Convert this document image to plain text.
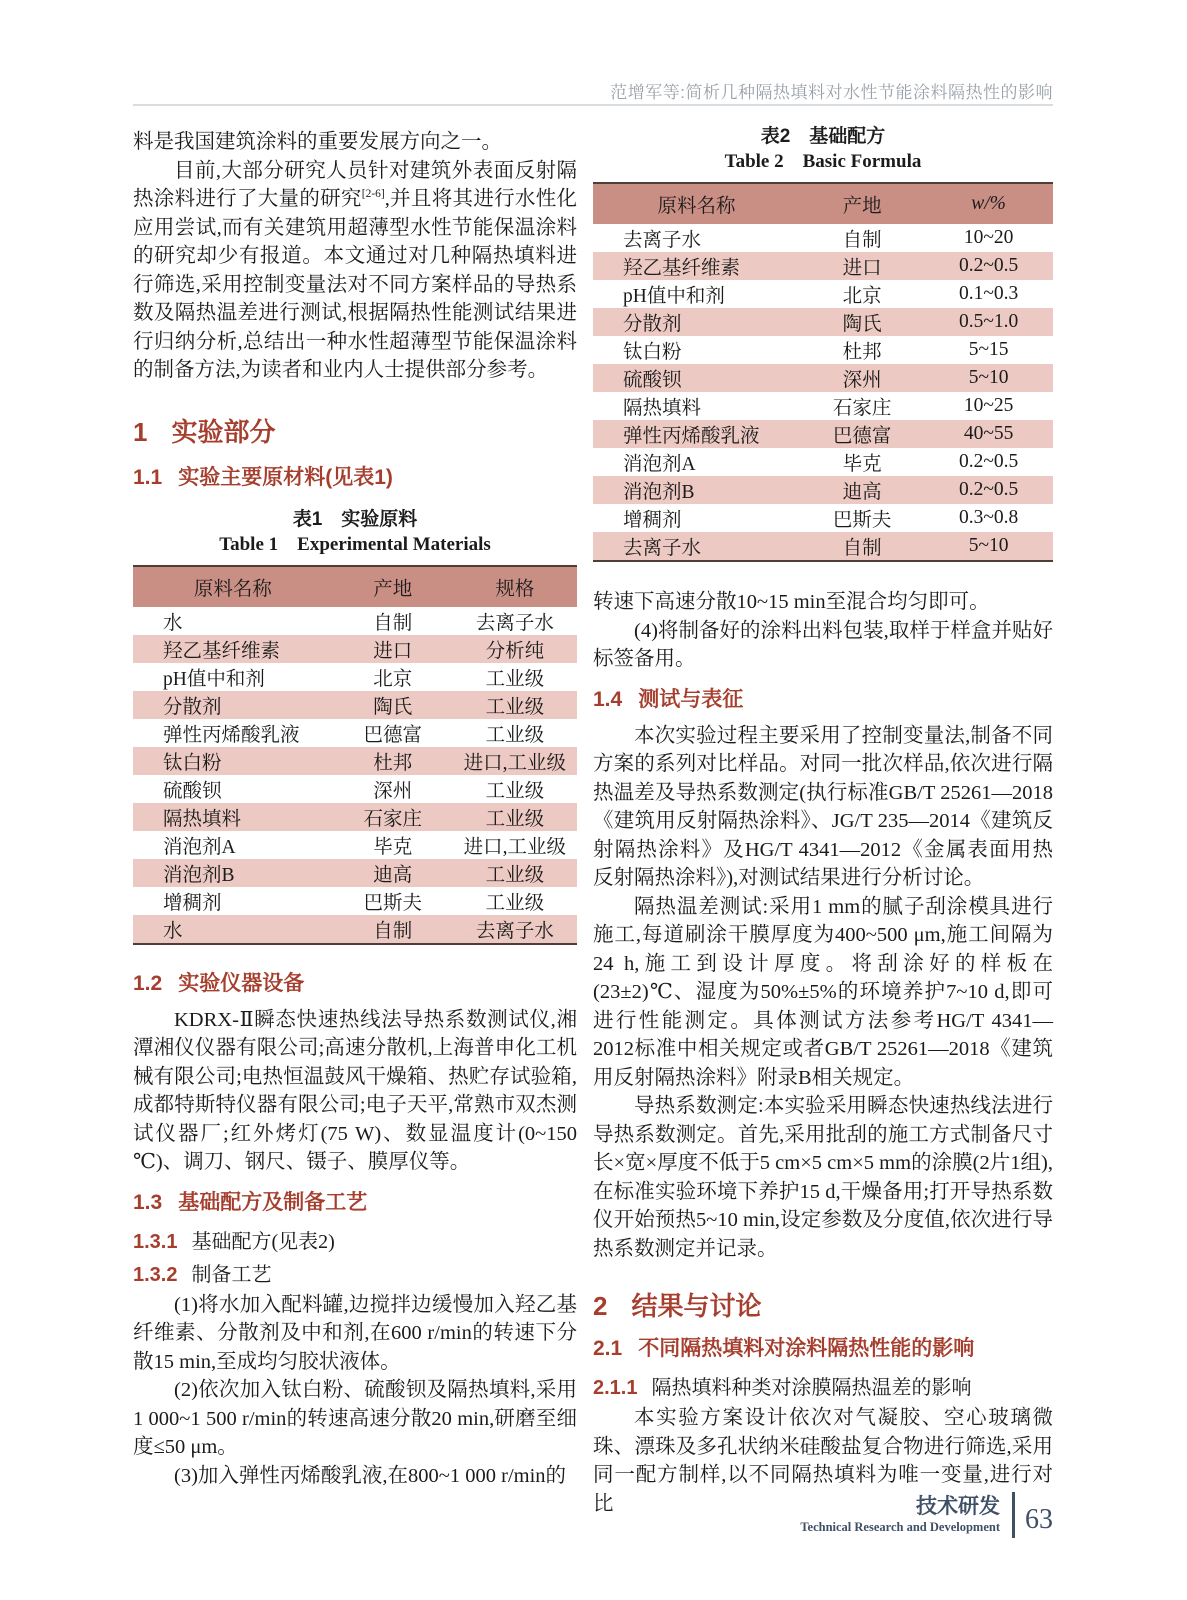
范增军等:简析几种隔热填料对水性节能涂料隔热性的影响

料是我国建筑涂料的重要发展方向之一。

目前,大部分研究人员针对建筑外表面反射隔热涂料进行了大量的研究[2-6],并且将其进行水性化应用尝试,而有关建筑用超薄型水性节能保温涂料的研究却少有报道。本文通过对几种隔热填料进行筛选,采用控制变量法对不同方案样品的导热系数及隔热温差进行测试,根据隔热性能测试结果进行归纳分析,总结出一种水性超薄型节能保温涂料的制备方法,为读者和业内人士提供部分参考。

1 实验部分
1.1 实验主要原材料(见表1)
表1 实验原料
Table 1 Experimental Materials
原料名称	产地	规格
水	自制	去离子水
羟乙基纤维素	进口	分析纯
pH值中和剂	北京	工业级
分散剂	陶氏	工业级
弹性丙烯酸乳液	巴德富	工业级
钛白粉	杜邦	进口,工业级
硫酸钡	深州	工业级
隔热填料	石家庄	工业级
消泡剂A	毕克	进口,工业级
消泡剂B	迪高	工业级
增稠剂	巴斯夫	工业级
水	自制	去离子水
1.2 实验仪器设备

KDRX-Ⅱ瞬态快速热线法导热系数测试仪,湘潭湘仪仪器有限公司;高速分散机,上海普申化工机械有限公司;电热恒温鼓风干燥箱、热贮存试验箱,成都特斯特仪器有限公司;电子天平,常熟市双杰测试仪器厂;红外烤灯(75 W)、数显温度计(0~150 ℃)、调刀、钢尺、镊子、膜厚仪等。

1.3 基础配方及制备工艺
1.3.1 基础配方(见表2)
1.3.2 制备工艺

(1)将水加入配料罐,边搅拌边缓慢加入羟乙基纤维素、分散剂及中和剂,在600 r/min的转速下分散15 min,至成均匀胶状液体。

(2)依次加入钛白粉、硫酸钡及隔热填料,采用1 000~1 500 r/min的转速高速分散20 min,研磨至细度≤50 μm。

(3)加入弹性丙烯酸乳液,在800~1 000 r/min的

表2 基础配方
Table 2 Basic Formula
原料名称	产地	w/%
去离子水	自制	10~20
羟乙基纤维素	进口	0.2~0.5
pH值中和剂	北京	0.1~0.3
分散剂	陶氏	0.5~1.0
钛白粉	杜邦	5~15
硫酸钡	深州	5~10
隔热填料	石家庄	10~25
弹性丙烯酸乳液	巴德富	40~55
消泡剂A	毕克	0.2~0.5
消泡剂B	迪高	0.2~0.5
增稠剂	巴斯夫	0.3~0.8
去离子水	自制	5~10

转速下高速分散10~15 min至混合均匀即可。

(4)将制备好的涂料出料包装,取样于样盒并贴好标签备用。

1.4 测试与表征

本次实验过程主要采用了控制变量法,制备不同方案的系列对比样品。对同一批次样品,依次进行隔热温差及导热系数测定(执行标准GB/T 25261—2018《建筑用反射隔热涂料》、JG/T 235—2014《建筑反射隔热涂料》及HG/T 4341—2012《金属表面用热反射隔热涂料》),对测试结果进行分析讨论。

隔热温差测试:采用1 mm的腻子刮涂模具进行施工,每道刷涂干膜厚度为400~500 μm,施工间隔为24 h,施工到设计厚度。将刮涂好的样板在(23±2)℃、湿度为50%±5%的环境养护7~10 d,即可进行性能测定。具体测试方法参考HG/T 4341—2012标准中相关规定或者GB/T 25261—2018《建筑用反射隔热涂料》附录B相关规定。

导热系数测定:本实验采用瞬态快速热线法进行导热系数测定。首先,采用批刮的施工方式制备尺寸长×宽×厚度不低于5 cm×5 cm×5 mm的涂膜(2片1组),在标准实验环境下养护15 d,干燥备用;打开导热系数仪开始预热5~10 min,设定参数及分度值,依次进行导热系数测定并记录。

2 结果与讨论
2.1 不同隔热填料对涂料隔热性能的影响
2.1.1 隔热填料种类对涂膜隔热温差的影响

本实验方案设计依次对气凝胶、空心玻璃微珠、漂珠及多孔状纳米硅酸盐复合物进行筛选,采用同一配方制样,以不同隔热填料为唯一变量,进行对比	技术研发
Technical Research and Development 63
